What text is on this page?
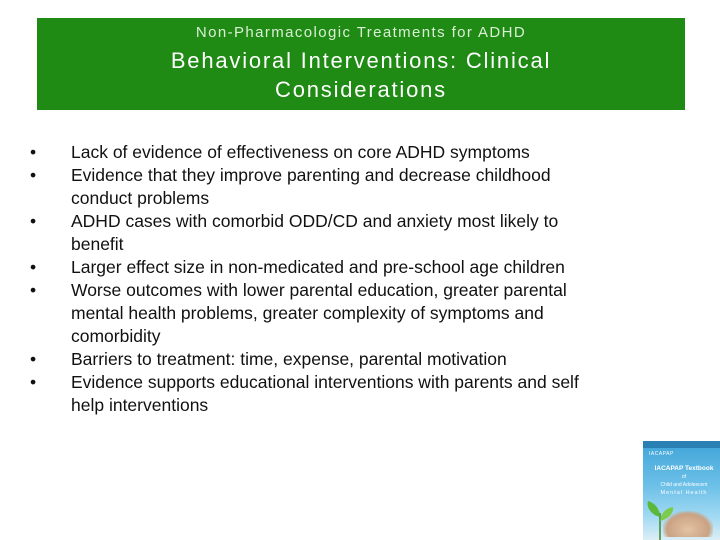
Non-Pharmacologic Treatments for ADHD
Behavioral Interventions: Clinical
Considerations
• Lack of evidence of effectiveness on core ADHD symptoms
• Evidence that they improve parenting and decrease childhood
conduct problems
• ADHD cases with comorbid ODD/CD and anxiety most likely to
benefit
• Larger effect size in non-medicated and pre-school age children
• Worse outcomes with lower parental education, greater parental
mental health problems, greater complexity of symptoms and
comorbidity
• Barriers to treatment: time, expense, parental motivation
• Evidence supports educational interventions with parents and self
help interventions
IACAPAP
IACAPAP Textbook
of
Child and Adolescent
Mental Health
